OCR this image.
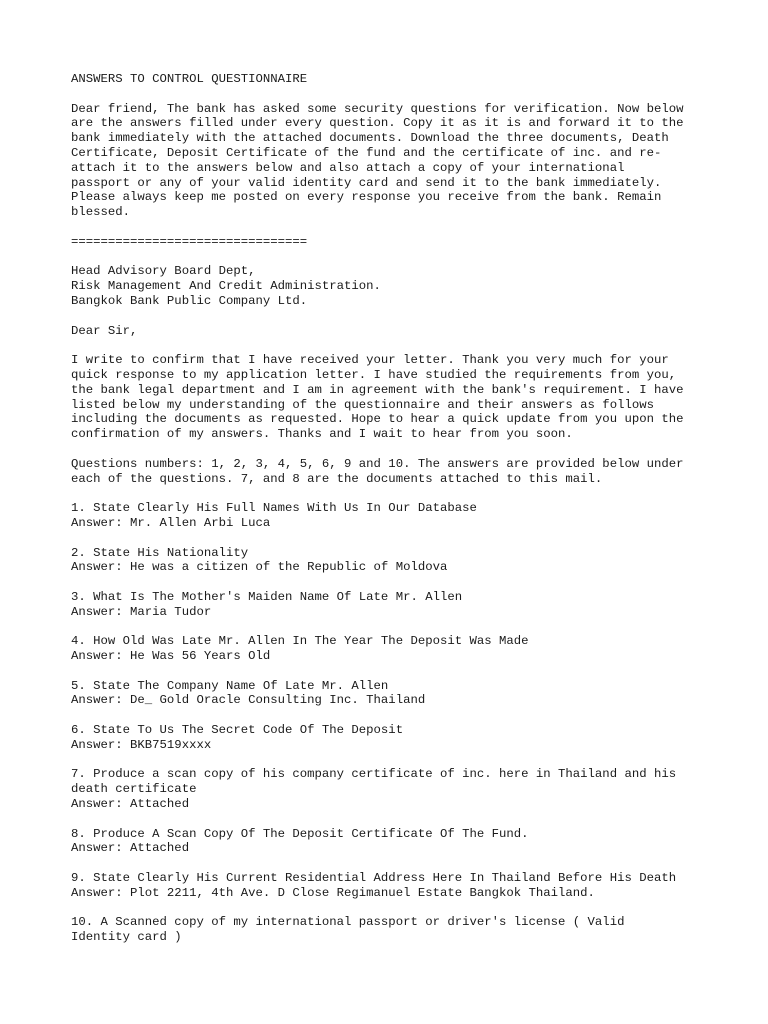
ANSWERS TO CONTROL QUESTIONNAIRE

Dear friend, The bank has asked some security questions for verification. Now below

are the answers filled under every question. Copy it as it is and forward it to the

bank immediately with the attached documents. Download the three documents, Death

Certificate, Deposit Certificate of the fund and the certificate of inc. and re-

attach it to the answers below and also attach a copy of your international

passport or any of your valid identity card and send it to the bank immediately.

Please always keep me posted on every response you receive from the bank. Remain

blessed.

================================

Head Advisory Board Dept,

Risk Management And Credit Administration.

Bangkok Bank Public Company Ltd.

Dear Sir,

I write to confirm that I have received your letter. Thank you very much for your

quick response to my application letter. I have studied the requirements from you,

the bank legal department and I am in agreement with the bank's requirement. I have

listed below my understanding of the questionnaire and their answers as follows

including the documents as requested. Hope to hear a quick update from you upon the

confirmation of my answers. Thanks and I wait to hear from you soon.

Questions numbers: 1, 2, 3, 4, 5, 6, 9 and 10. The answers are provided below under

each of the questions. 7, and 8 are the documents attached to this mail.

1. State Clearly His Full Names With Us In Our Database

Answer: Mr. Allen Arbi Luca

2. State His Nationality

Answer: He was a citizen of the Republic of Moldova

3. What Is The Mother's Maiden Name Of Late Mr. Allen

Answer: Maria Tudor

4. How Old Was Late Mr. Allen In The Year The Deposit Was Made

Answer: He Was 56 Years Old

5. State The Company Name Of Late Mr. Allen

Answer: De_ Gold Oracle Consulting Inc. Thailand

6. State To Us The Secret Code Of The Deposit

Answer: BKB7519xxxx

7. Produce a scan copy of his company certificate of inc. here in Thailand and his

death certificate

Answer: Attached

8. Produce A Scan Copy Of The Deposit Certificate Of The Fund.

Answer: Attached

9. State Clearly His Current Residential Address Here In Thailand Before His Death

Answer: Plot 2211, 4th Ave. D Close Regimanuel Estate Bangkok Thailand.

10. A Scanned copy of my international passport or driver's license ( Valid

Identity card )
